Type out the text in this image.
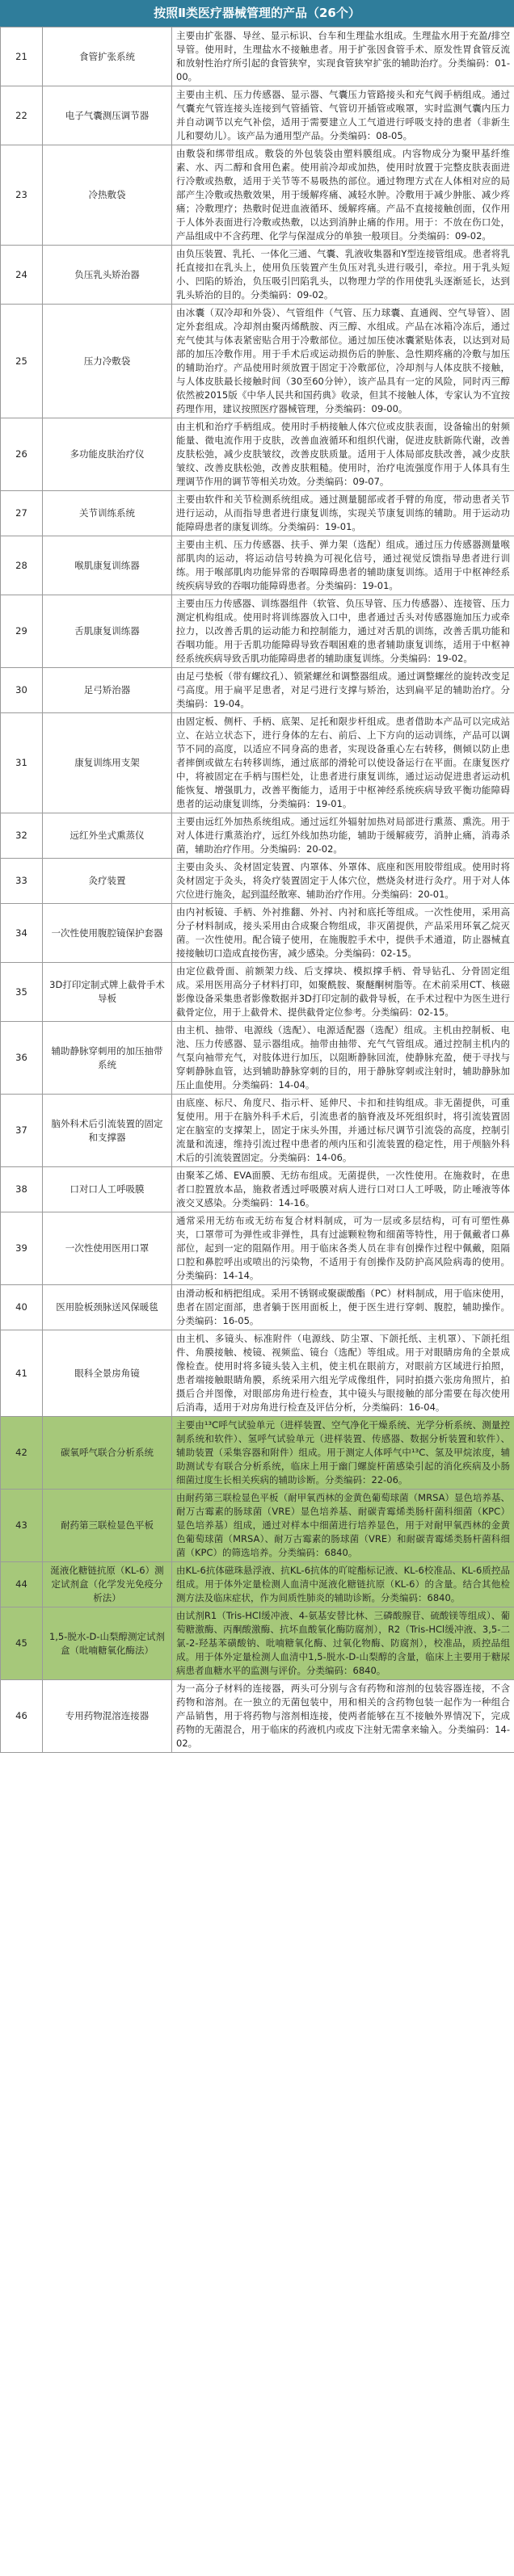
按照Ⅱ类医疗器械管理的产品（26个）
21	食管扩张系统	主要由扩张器、导丝、显示标识、台车和生理盐水组成。生理盐水用于充盈/排空导管。使用时，生理盐水不接触患者。用于扩张因食管手术、原发性胃食管反流和放射性治疗所引起的食管狭窄，实现食管狭窄扩张的辅助治疗。分类编码：01-00。
22	电子气囊测压调节器	主要由主机、压力传感器、显示器、气囊压力管路接头和充气阀手柄组成。通过气囊充气管连接头连接到气管插管、气管切开插管或喉罩，实时监测气囊内压力并自动调节以充气补偿，适用于需要建立人工气道进行呼吸支持的患者（非新生儿和婴幼儿）。该产品为通用型产品。分类编码：08-05。
23	冷热敷袋	由敷袋和绑带组成。敷袋的外包装袋由塑料膜组成。内容物成分为聚甲基纤维素、水、丙二醇和食用色素。使用前冷却或加热，使用时放置于完整皮肤表面进行冷敷或热敷，适用于关节等不易吸热的部位。通过物理方式在人体相对应的局部产生冷敷或热敷效果，用于缓解疼痛、减轻水肿。冷敷用于减少肿胀、减少疼痛；冷敷理疗；热敷时促进血液循环、缓解疼痛。产品不直接接触创面，仅作用于人体外表面进行冷敷或热敷，以达到消肿止痛的作用。用于：不放在伤口处，产品组成中不含药理、化学与保湿成分的单独一般项目。分类编码：09-02。
24	负压乳头矫治器	由负压装置、乳托、一体化三通、气囊、乳液收集器和Y型连接管组成。患者将乳托直接扣在乳头上，使用负压装置产生负压对乳头进行吸引，牵拉。用于乳头短小、凹陷的矫治，负压吸引凹陷乳头，以物理力学的作用使乳头逐渐延长，达到乳头矫治的目的。分类编码：09-02。
25	压力冷敷袋	由冰囊（双冷却和外袋）、气管组件（气管、压力球囊、直通阀、空气导管）、固定外套组成。冷却剂由聚丙烯酰胺、丙三醇、水组成。产品在冰箱冷冻后，通过充气使其与体表紧密贴合用于冷敷部位。通过加压使冰囊紧贴体表，以达到对局部的加压冷敷作用。用于手术后或运动损伤后的肿胀、急性期疼痛的冷敷与加压的辅助治疗。产品使用时须放置于固定于冷敷部位，冷却剂与人体皮肤不接触，与人体皮肤最长接触时间（30至60分钟），该产品具有一定的风险，同时丙三醇依然被2015版《中华人民共和国药典》收录，但其不接触人体，专家认为不宜按药理作用，建议按照医疗器械管理，分类编码：09-00。
26	多功能皮肤治疗仪	由主机和治疗手柄组成。使用时手柄接触人体穴位或皮肤表面，设备输出的射频能量、微电流作用于皮肤，改善血液循环和组织代谢，促进皮肤新陈代谢，改善皮肤松弛，减少皮肤皱纹，改善皮肤质量。适用于人体局部皮肤改善，减少皮肤皱纹、改善皮肤松弛，改善皮肤粗糙。使用时，治疗电流强度作用于人体具有生理调节作用的调节等相关功效。分类编码：09-07。
27	关节训练系统	主要由软件和关节检测系统组成。通过测量腿部或者手臂的角度，带动患者关节进行运动，从而指导患者进行康复训练，实现关节康复训练的辅助。用于运动功能障碍患者的康复训练。分类编码：19-01。
28	喉肌康复训练器	主要由主机、压力传感器、扶手、弹力架（选配）组成。通过压力传感器测量喉部肌肉的运动，将运动信号转换为可视化信号，通过视觉反馈指导患者进行训练。用于喉部肌肉功能异常的吞咽障碍患者的辅助康复训练。适用于中枢神经系统疾病导致的吞咽功能障碍患者。分类编码：19-01。
29	舌肌康复训练器	主要由压力传感器、训练器组件（软管、负压导管、压力传感器）、连接管、压力测定机构组成。使用时将训练器放入口中，患者通过舌头对传感器施加压力或牵拉力，以改善舌肌的运动能力和控制能力，通过对舌肌的训练，改善舌肌功能和吞咽功能。用于舌肌功能障碍导致吞咽困难的患者辅助康复训练，适用于中枢神经系统疾病导致舌肌功能障碍患者的辅助康复训练。分类编码：19-02。
30	足弓矫治器	由足弓垫板（带有螺纹孔）、锁紧螺丝和调整器组成。通过调整螺丝的旋转改变足弓高度。用于扁平足患者，对足弓进行支撑与矫治，达到扁平足的辅助治疗。分类编码：19-04。
31	康复训练用支架	由固定板、侧杆、手柄、底架、足托和限步杆组成。患者借助本产品可以完成站立、在站立状态下，进行身体的左右、前后、上下方向的运动训练，产品可以调节不同的高度，以适应不同身高的患者，实现设备重心左右转移，侧倾以防止患者摔倒或做左右转移训练，通过底部的滑轮可以使设备运行在平面。在康复医疗中，将被固定在手柄与围栏处，让患者进行康复训练，通过运动促进患者运动机能恢复、增强肌力，改善平衡能力，适用于中枢神经系统疾病导致平衡功能障碍患者的运动康复训练，分类编码：19-01。
32	远红外坐式熏蒸仪	主要由远红外加热系统组成。通过远红外辐射加热对局部进行熏蒸、熏洗。用于对人体进行熏蒸治疗，远红外线加热功能，辅助于缓解疲劳，消肿止痛，消毒杀菌，辅助治疗作用。分类编码：20-02。
33	灸疗装置	主要由灸头、灸材固定装置、内罩体、外罩体、底座和医用胶带组成。使用时将灸材固定于灸头，将灸疗装置固定于人体穴位，燃烧灸材进行灸疗。用于对人体穴位进行施灸，起到温经散寒、辅助治疗作用。分类编码：20-01。
34	一次性使用腹腔镜保护套器	由内衬板镜、手柄、外衬推翻、外衬、内衬和底托等组成。一次性使用，采用高分子材料制成，接头采用由合成聚合物组成，非灭菌提供，产品采用环氧乙烷灭菌。一次性使用。配合镜子使用，在施腹腔手术中，提供手术通道，防止器械直接接触切口造成直接伤害，减少感染。分类编码：02-15。
35	3D打印定制式牌上截骨手术导板	由定位截骨面、前额架力线、后支撑块、模拟撑手柄、骨导钻孔、分骨固定组成。采用医用高分子材料打印，如聚酰胺、聚醚酮树脂等。在术前采用CT、核磁影像设备采集患者影像数据并3D打印定制的截骨导板，在手术过程中为医生进行截骨定位，用于上截骨术、提供截骨定位参考。分类编码：02-15。
36	辅助静脉穿刺用的加压抽带系统	由主机、抽带、电源线（选配）、电源适配器（选配）组成。主机由控制板、电池、压力传感器、显示器组成。抽带由抽带、充气气管组成。通过控制主机内的气泵向袖带充气，对肢体进行加压，以阻断静脉回流，使静脉充盈，便于寻找与穿刺静脉血管，达到辅助静脉穿刺的目的，用于静脉穿刺或注射时，辅助静脉加压止血使用。分类编码：14-04。
37	脑外科术后引流装置的固定和支撑器	由底座、标尺、角度尺、指示杆、延伸尺、卡扣和挂钩组成。非无菌提供，可重复使用。用于在脑外科手术后，引流患者的脑脊液及坏死组织时，将引流装置固定在脑室的支撑架上，固定于床头外围，并通过标尺调节引流袋的高度，控制引流量和流速，维持引流过程中患者的颅内压和引流装置的稳定性，用于颅脑外科术后的引流装置固定。分类编码：14-06。
38	口对口人工呼吸膜	由聚苯乙烯、EVA面膜、无纺布组成。无菌提供，一次性使用。在施救时，在患者口腔置放本品，施救者透过呼吸膜对病人进行口对口人工呼吸，防止唾液等体液交叉感染。分类编码：14-16。
39	一次性使用医用口罩	通常采用无纺布或无纺布复合材料制成，可为一层或多层结构，可有可塑性鼻夹，口罩带可为弹性或非弹性，具有过滤颗粒物和细菌等特性，用于佩戴者口鼻部位，起到一定的阻隔作用。用于临床各类人员在非有创操作过程中佩戴，阻隔口腔和鼻腔呼出或喷出的污染物，不适用于有创操作及防护高风险病毒的使用。分类编码：14-14。
40	医用脸板颈脉送风保暖毯	由滑动板和柄把组成。采用不锈钢或聚碳酸酯（PC）材料制成，用于临床使用，患者在固定面部，患者躺于医用面板上，便于医生进行穿刺、腹腔，辅助操作。分类编码：16-05。
41	眼科全景房角镜	由主机、多镜头、标准附件（电源线、防尘罩、下颌托纸、主机罩）、下颌托组件、角膜接触、棱镜、视频监、镜台（选配）等组成。用于对眼睛房角的全景成像检查。使用时将多镜头装入主机，使主机在眼前方，对眼前方区域进行拍照，患者端接触眼睛角膜，系统采用六组光学成像组件，同时拍摄六张房角照片，拍摄后合并图像，对眼部房角进行检查，其中镜头与眼接触的部分需要在每次使用后消毒，适用于对房角进行检查及评估分析，分类编码：16-04。
42	碳氧呼气联合分析系统	主要由¹³C呼气试验单元（进样装置、空气净化干燥系统、光学分析系统、测量控制系统和软件）、氢呼气试验单元（进样装置、传感器、数据分析装置和软件）、辅助装置（采集容器和附件）组成。用于测定人体呼气中¹³C、氢及甲烷浓度，辅助测试专有联合分析系统，临床上用于幽门螺旋杆菌感染引起的消化疾病及小肠细菌过度生长相关疾病的辅助诊断。分类编码：22-06。
43	耐药第三联检显色平板	由耐药第三联检显色平板（耐甲氧西林的金黄色葡萄球菌（MRSA）显色培养基、耐万古霉素的肠球菌（VRE）显色培养基、耐碳青霉烯类肠杆菌科细菌（KPC）显色培养基）组成，通过对样本中细菌进行培养显色，用于对耐甲氧西林的金黄色葡萄球菌（MRSA）、耐万古霉素的肠球菌（VRE）和耐碳青霉烯类肠杆菌科细菌（KPC）的筛选培养。分类编码：6840。
44	涎液化糖链抗原（KL-6）测定试剂盒（化学发光免疫分析法）	由KL-6抗体磁珠悬浮液、抗KL-6抗体的吖啶酯标记液、KL-6校准品、KL-6质控品组成。用于体外定量检测人血清中涎液化糖链抗原（KL-6）的含量。结合其他检测方法及临床症状，作为间质性肺炎的辅助诊断。分类编码：6840。
45	1,5-脱水-D-山梨醇测定试剂盒（吡喃糖氧化酶法）	由试剂R1（Tris-HCl缓冲液、4-氨基安替比林、三磷酸腺苷、硫酸镁等组成）、葡萄糖激酶、丙酮酸激酶、抗坏血酸氧化酶防腐剂），R2（Tris-HCl缓冲液、3,5-二氯-2-羟基苯磺酸钠、吡喃糖氧化酶、过氧化物酶、防腐剂），校准品，质控品组成。用于体外定量检测人血清中1,5-脱水-D-山梨醇的含量，临床上主要用于糖尿病患者血糖水平的监测与评价。分类编码：6840。
46	专用药物混溶连接器	为一高分子材料的连接器，两头可分别与含有药物和溶剂的包装容器连接，不含药物和溶剂。在一独立的无菌包装中，用和相关的含药物包装一起作为一种组合产品销售，用于将药物与溶剂相连接，使两者能够在互不接触外界情况下，完成药物的无菌混合，用于临床的药液机内或皮下注射无需拿来输入。分类编码：14-02。
